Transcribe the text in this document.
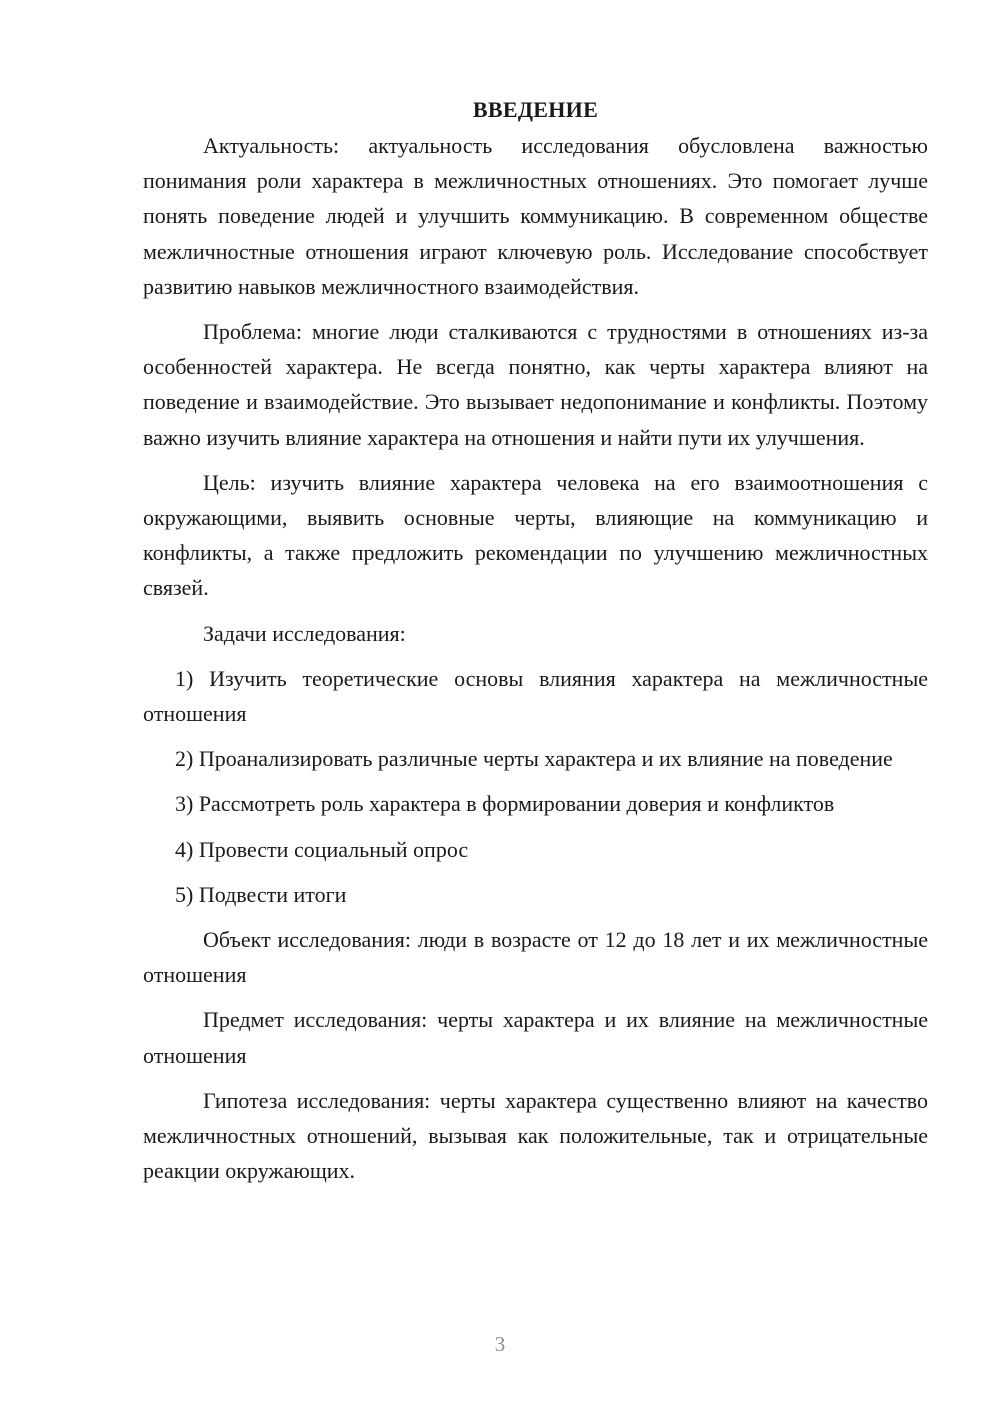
ВВЕДЕНИЕ

Актуальность: актуальность исследования обусловлена важностью понимания роли характера в межличностных отношениях. Это помогает лучше понять поведение людей и улучшить коммуникацию. В современном обществе межличностные отношения играют ключевую роль. Исследование способствует развитию навыков межличностного взаимодействия.

Проблема: многие люди сталкиваются с трудностями в отношениях из-за особенностей характера. Не всегда понятно, как черты характера влияют на поведение и взаимодействие. Это вызывает недопонимание и конфликты. Поэтому важно изучить влияние характера на отношения и найти пути их улучшения.

Цель: изучить влияние характера человека на его взаимоотношения с окружающими, выявить основные черты, влияющие на коммуникацию и конфликты, а также предложить рекомендации по улучшению межличностных связей.

Задачи исследования:

1) Изучить теоретические основы влияния характера на межличностные отношения

2) Проанализировать различные черты характера и их влияние на поведение

3) Рассмотреть роль характера в формировании доверия и конфликтов

4) Провести социальный опрос

5) Подвести итоги

Объект исследования: люди в возрасте от 12 до 18 лет и их межличностные отношения

Предмет исследования: черты характера и их влияние на межличностные отношения

Гипотеза исследования: черты характера существенно влияют на качество межличностных отношений, вызывая как положительные, так и отрицательные реакции окружающих.

3
